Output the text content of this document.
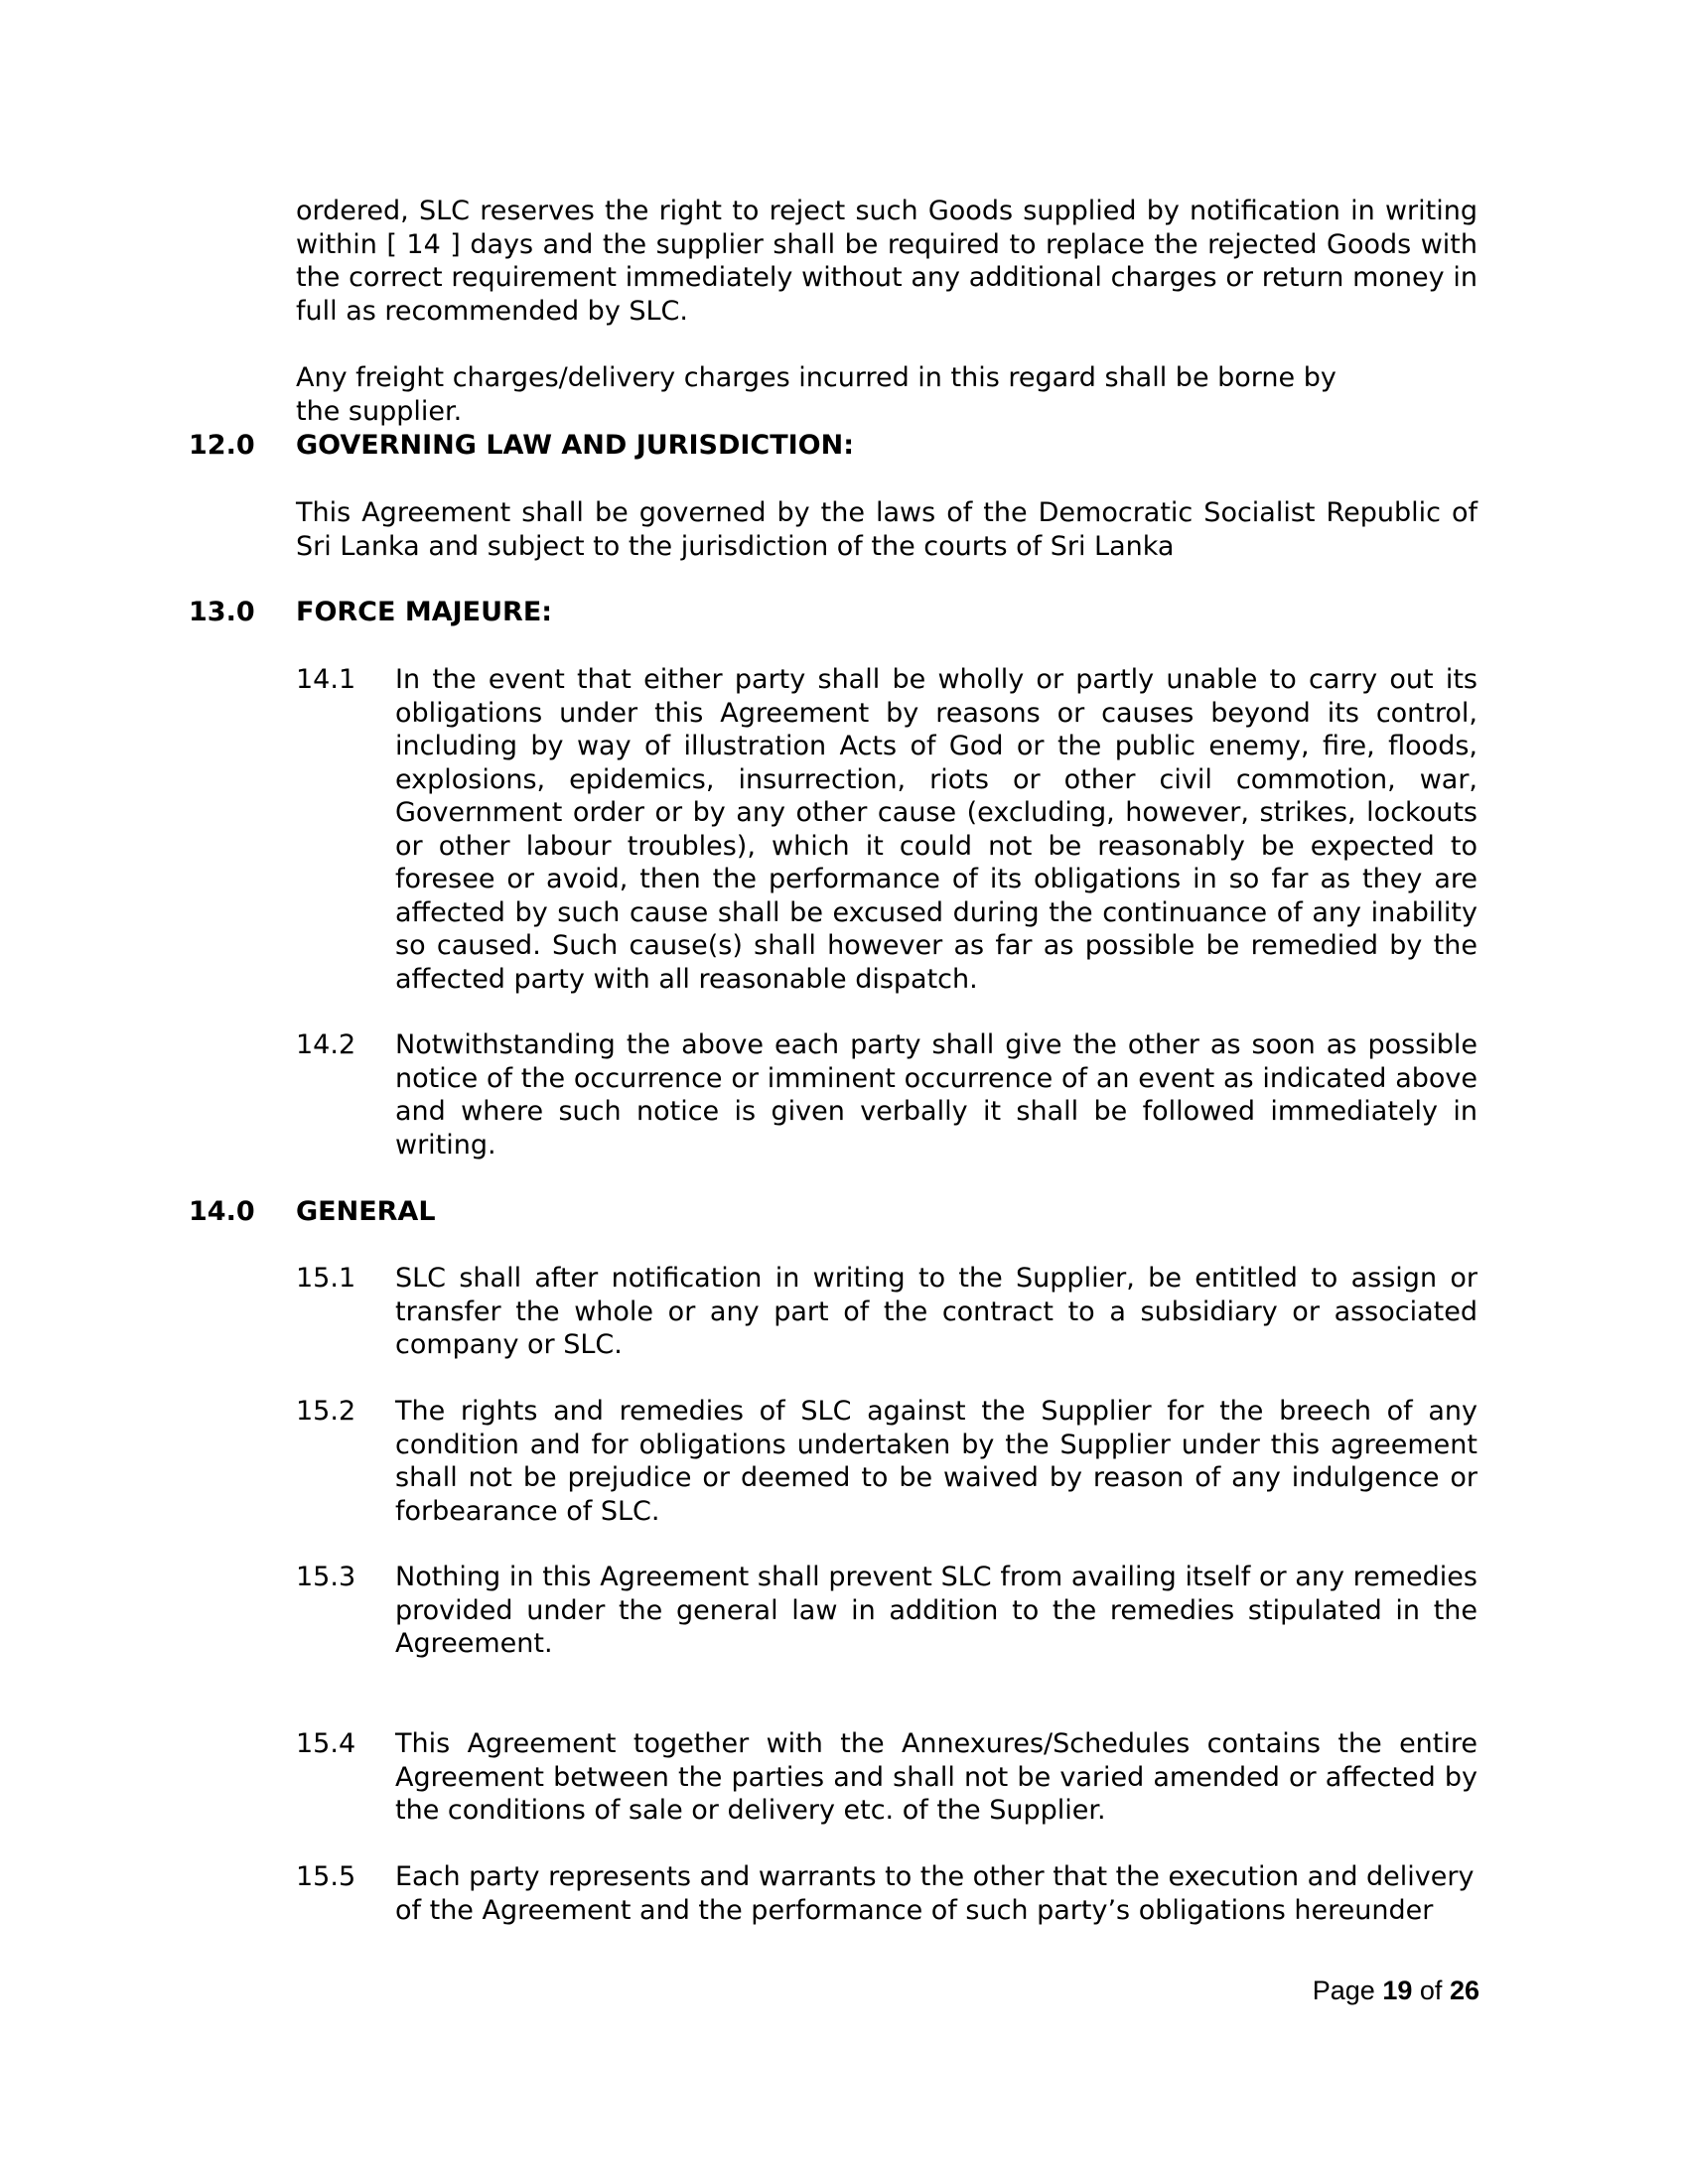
ordered, SLC reserves the right to reject such Goods supplied by notification in writing within [ 14 ] days and the supplier shall be required to replace the rejected Goods with the correct requirement immediately without any additional charges or return money in full as recommended by SLC.

Any freight charges/delivery charges incurred in this regard shall be borne by the supplier.

12.0 GOVERNING LAW AND JURISDICTION:

This Agreement shall be governed by the laws of the Democratic Socialist Republic of Sri Lanka and subject to the jurisdiction of the courts of Sri Lanka

13.0 FORCE MAJEURE:
14.1	In the event that either party shall be wholly or partly unable to carry out its obligations under this Agreement by reasons or causes beyond its control, including by way of illustration Acts of God or the public enemy, fire, floods, explosions, epidemics, insurrection, riots or other civil commotion, war, Government order or by any other cause (excluding, however, strikes, lockouts or other labour troubles), which it could not be reasonably be expected to foresee or avoid, then the performance of its obligations in so far as they are affected by such cause shall be excused during the continuance of any inability so caused. Such cause(s) shall however as far as possible be remedied by the affected party with all reasonable dispatch.
14.2	Notwithstanding the above each party shall give the other as soon as possible notice of the occurrence or imminent occurrence of an event as indicated above and where such notice is given verbally it shall be followed immediately in writing.
14.0 GENERAL
15.1	SLC shall after notification in writing to the Supplier, be entitled to assign or transfer the whole or any part of the contract to a subsidiary or associated company or SLC.
15.2	The rights and remedies of SLC against the Supplier for the breech of any condition and for obligations undertaken by the Supplier under this agreement shall not be prejudice or deemed to be waived by reason of any indulgence or forbearance of SLC.
15.3	Nothing in this Agreement shall prevent SLC from availing itself or any remedies provided under the general law in addition to the remedies stipulated in the Agreement.
15.4	This Agreement together with the Annexures/Schedules contains the entire Agreement between the parties and shall not be varied amended or affected by the conditions of sale or delivery etc. of the Supplier.
15.5	Each party represents and warrants to the other that the execution and delivery of the Agreement and the performance of such party’s obligations hereunder
Page 19 of 26
